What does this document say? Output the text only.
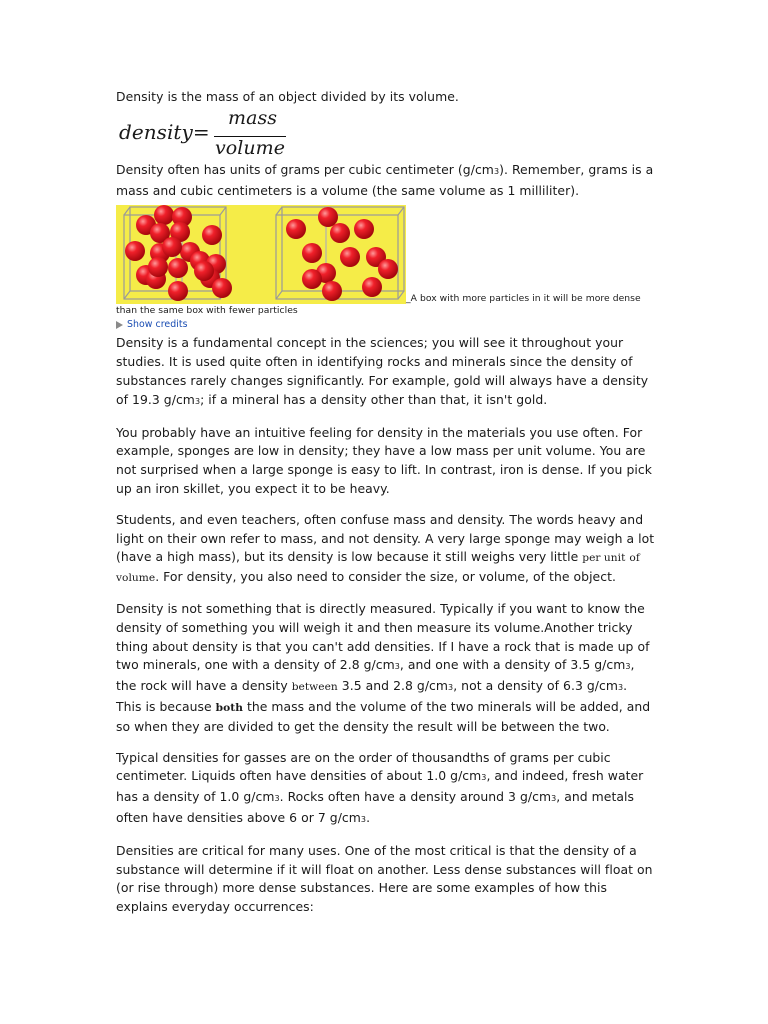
Density is the mass of an object divided by its volume.

density=
mass
volume

Density often has units of grams per cubic centimeter (g/cm3). Remember, grams is a mass and cubic centimeters is a volume (the same volume as 1 milliliter).

_A box with more particles in it will be more dense

than the same box with fewer particles

Show credits

Density is a fundamental concept in the sciences; you will see it throughout your studies. It is used quite often in identifying rocks and minerals since the density of substances rarely changes significantly. For example, gold will always have a density of 19.3 g/cm3; if a mineral has a density other than that, it isn't gold.

You probably have an intuitive feeling for density in the materials you use often. For example, sponges are low in density; they have a low mass per unit volume. You are not surprised when a large sponge is easy to lift. In contrast, iron is dense. If you pick up an iron skillet, you expect it to be heavy.

Students, and even teachers, often confuse mass and density. The words heavy and light on their own refer to mass, and not density. A very large sponge may weigh a lot (have a high mass), but its density is low because it still weighs very little per unit of volume. For density, you also need to consider the size, or volume, of the object.

Density is not something that is directly measured. Typically if you want to know the density of something you will weigh it and then measure its volume.Another tricky thing about density is that you can't add densities. If I have a rock that is made up of two minerals, one with a density of 2.8 g/cm3, and one with a density of 3.5 g/cm3, the rock will have a density between 3.5 and 2.8 g/cm3, not a density of 6.3 g/cm3. This is because both the mass and the volume of the two minerals will be added, and so when they are divided to get the density the result will be between the two.

Typical densities for gasses are on the order of thousandths of grams per cubic centimeter. Liquids often have densities of about 1.0 g/cm3, and indeed, fresh water has a density of 1.0 g/cm3. Rocks often have a density around 3 g/cm3, and metals often have densities above 6 or 7 g/cm3.

Densities are critical for many uses. One of the most critical is that the density of a substance will determine if it will float on another. Less dense substances will float on (or rise through) more dense substances. Here are some examples of how this explains everyday occurrences:
